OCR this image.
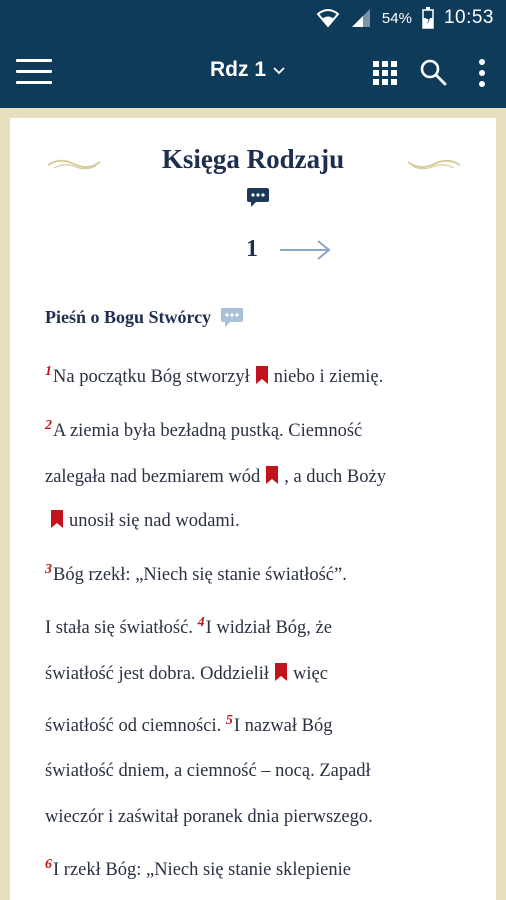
54% 10:53
Rdz 1
Księga Rodzaju
1
Pieśń o Bogu Stwórcy
$^1$Na początku Bóg stworzył niebo i ziemię.
$^2$A ziemia była bezładną pustką. Ciemność
zalegała nad bezmiarem wód , a duch Boży
unosił się nad wodami.
$^3$Bóg rzekł: „Niech się stanie światłość”.
I stała się światłość. $^4$I widział Bóg, że
światłość jest dobra. Oddzielił więc
światłość od ciemności. $^5$I nazwał Bóg
światłość dniem, a ciemność – nocą. Zapadł
wieczór i zaświtał poranek dnia pierwszego.
$^6$I rzekł Bóg: „Niech się stanie sklepienie
